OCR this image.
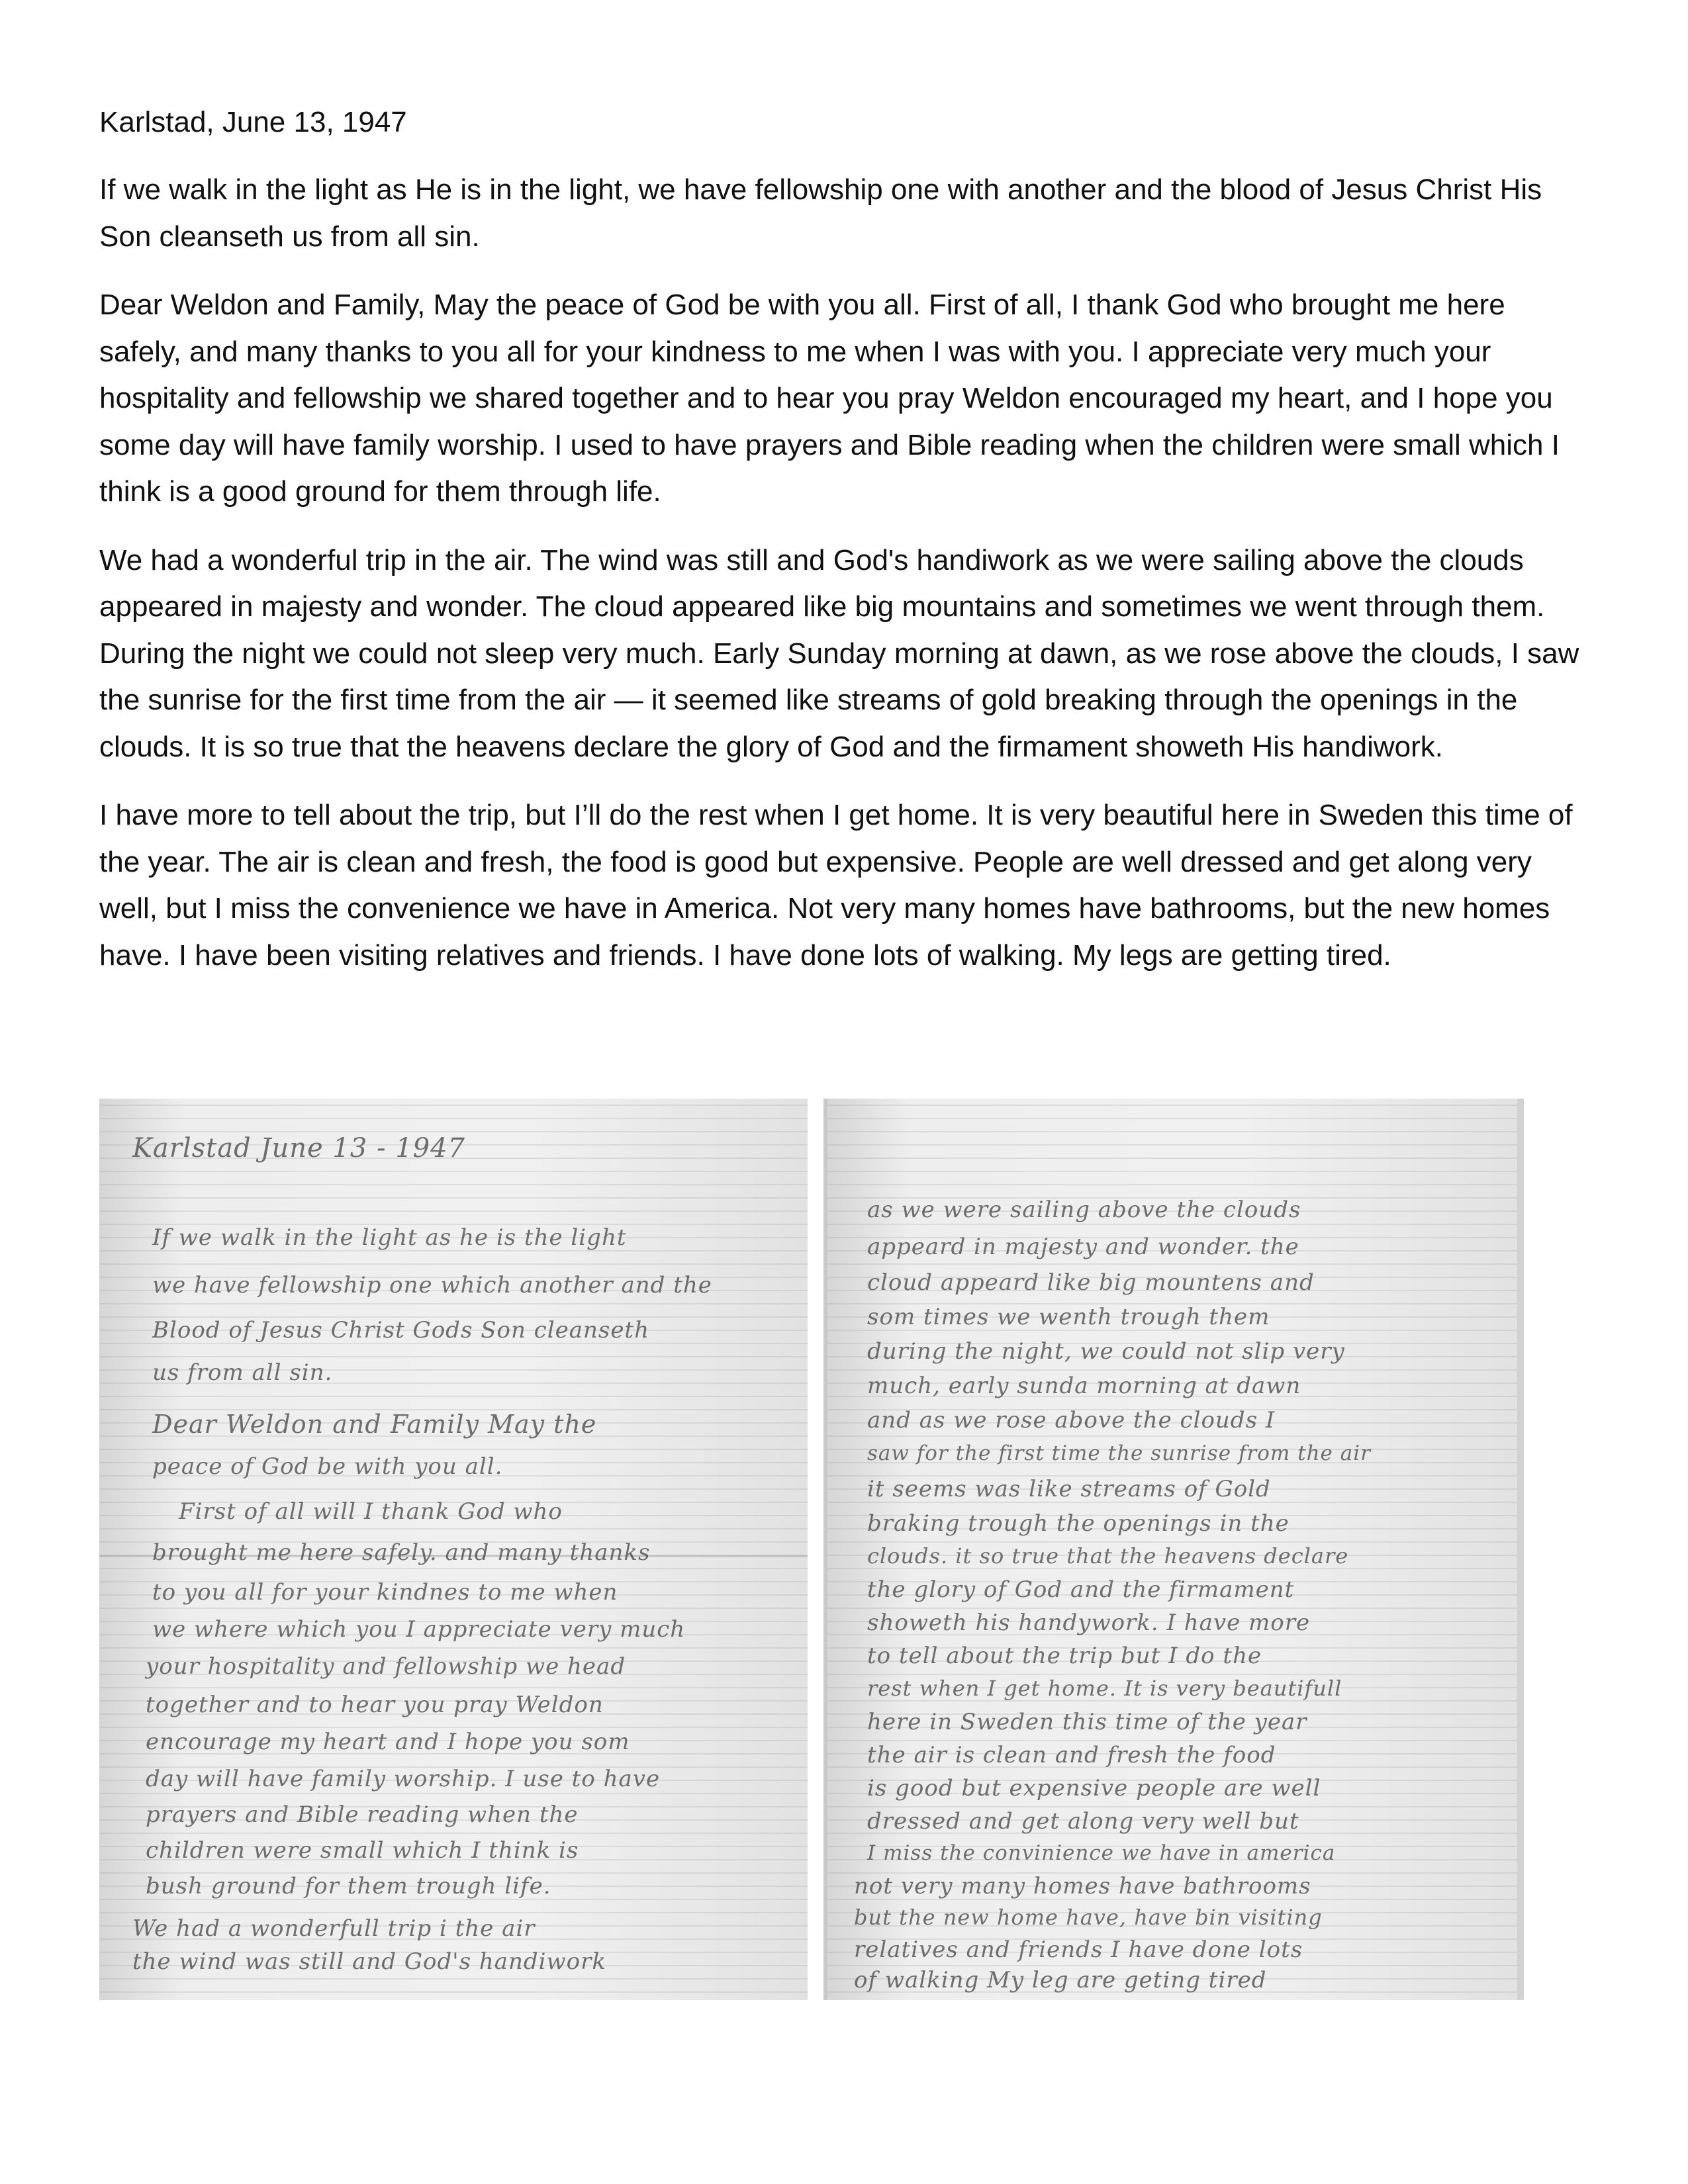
Karlstad, June 13, 1947

If we walk in the light as He is in the light, we have fellowship one with another and the blood of Jesus Christ His Son cleanseth us from all sin.

Dear Weldon and Family, May the peace of God be with you all. First of all, I thank God who brought me here safely, and many thanks to you all for your kindness to me when I was with you. I appreciate very much your hospitality and fellowship we shared together and to hear you pray Weldon encouraged my heart, and I hope you some day will have family worship. I used to have prayers and Bible reading when the children were small which I think is a good ground for them through life.

We had a wonderful trip in the air. The wind was still and God's handiwork as we were sailing above the clouds appeared in majesty and wonder. The cloud appeared like big mountains and sometimes we went through them. During the night we could not sleep very much. Early Sunday morning at dawn, as we rose above the clouds, I saw the sunrise for the first time from the air — it seemed like streams of gold breaking through the openings in the clouds. It is so true that the heavens declare the glory of God and the firmament showeth His handiwork.

I have more to tell about the trip, but I’ll do the rest when I get home. It is very beautiful here in Sweden this time of the year. The air is clean and fresh, the food is good but expensive. People are well dressed and get along very well, but I miss the convenience we have in America. Not very many homes have bathrooms, but the new homes have. I have been visiting relatives and friends. I have done lots of walking. My legs are getting tired.

Karlstad June 13 - 1947
If we walk in the light as he is the light
we have fellowship one which another and the
Blood of Jesus Christ Gods Son cleanseth
us from all sin.
Dear Weldon and Family May the
peace of God be with you all.
First of all will I thank God who
brought me here safely. and many thanks
to you all for your kindnes to me when
we where which you I appreciate very much
your hospitality and fellowship we head
together and to hear you pray Weldon
encourage my heart and I hope you som
day will have family worship. I use to have
prayers and Bible reading when the
children were small which I think is
bush ground for them trough life.
We had a wonderfull trip i the air
the wind was still and God's handiwork
as we were sailing above the clouds
appeard in majesty and wonder. the
cloud appeard like big mountens and
som times we wenth trough them
during the night, we could not slip very
much, early sunda morning at dawn
and as we rose above the clouds I
saw for the first time the sunrise from the air
it seems was like streams of Gold
braking trough the openings in the
clouds. it so true that the heavens declare
the glory of God and the firmament
showeth his handywork. I have more
to tell about the trip but I do the
rest when I get home. It is very beautifull
here in Sweden this time of the year
the air is clean and fresh the food
is good but expensive people are well
dressed and get along very well but
I miss the convinience we have in america
not very many homes have bathrooms
but the new home have, have bin visiting
relatives and friends I have done lots
of walking My leg are geting tired
